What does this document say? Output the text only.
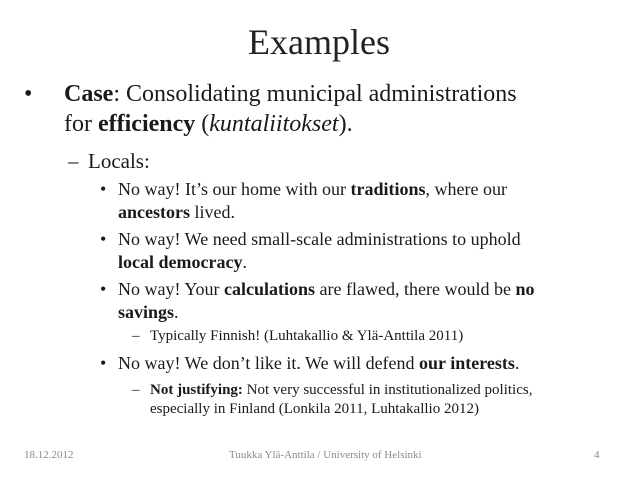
Examples
• Case: Consolidating municipal administrations
for efficiency (kuntaliitokset).
– Locals:
• No way! It’s our home with our traditions, where our
ancestors lived.
• No way! We need small-scale administrations to uphold
local democracy.
• No way! Your calculations are flawed, there would be no
savings.
– Typically Finnish! (Luhtakallio & Ylä-Anttila 2011)
• No way! We don’t like it. We will defend our interests.
– Not justifying: Not very successful in institutionalized politics,
especially in Finland (Lonkila 2011, Luhtakallio 2012)
18.12.2012	Tuukka Ylä-Anttila / University of Helsinki	4
